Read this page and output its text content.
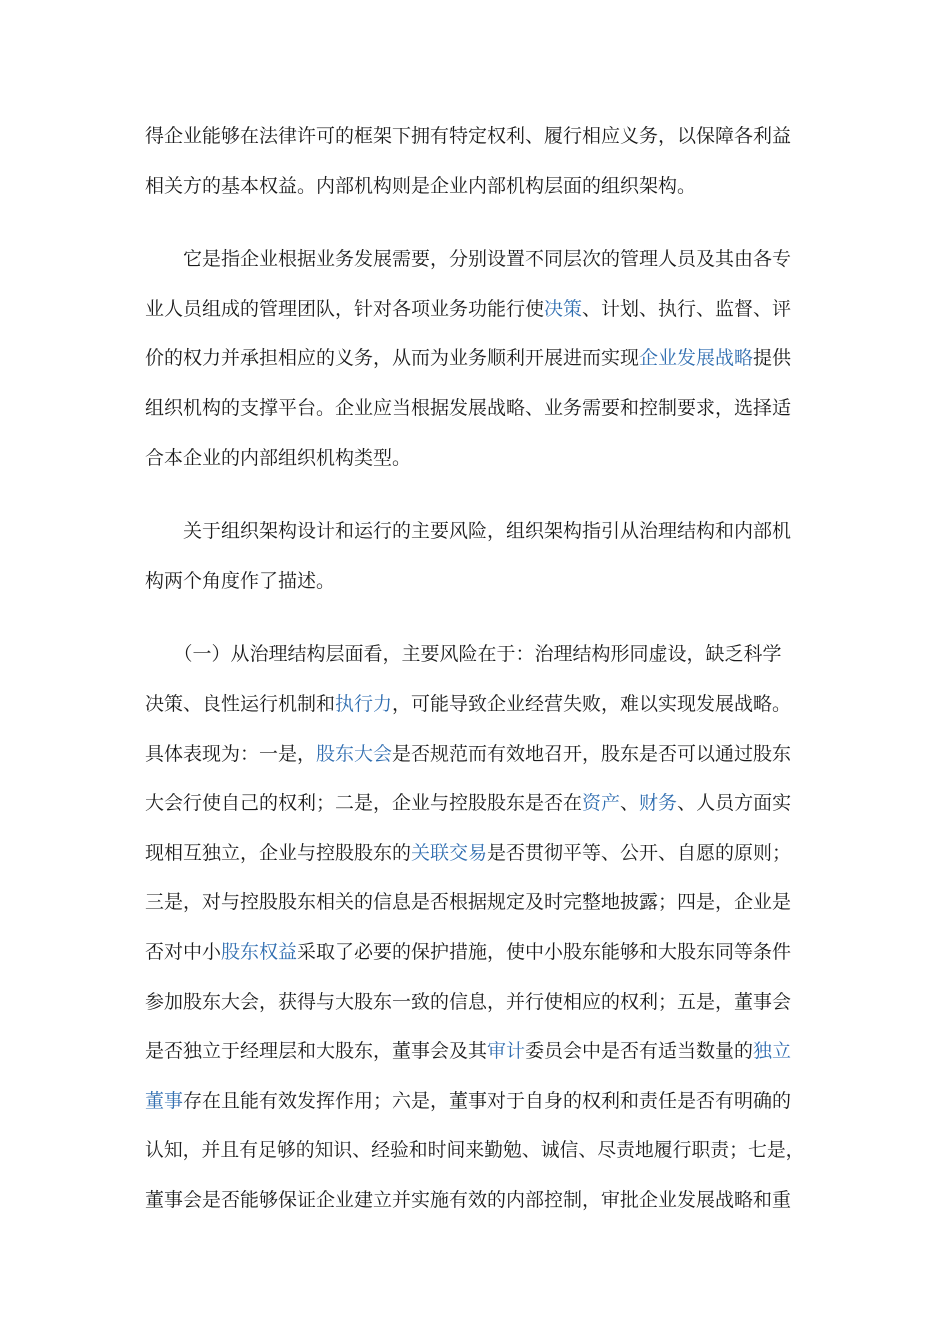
得企业能够在法律许可的框架下拥有特定权利、履行相应义务，以保障各利益
相关方的基本权益。内部机构则是企业内部机构层面的组织架构。
　　它是指企业根据业务发展需要，分别设置不同层次的管理人员及其由各专
业人员组成的管理团队，针对各项业务功能行使决策、计划、执行、监督、评
价的权力并承担相应的义务，从而为业务顺利开展进而实现企业发展战略提供
组织机构的支撑平台。企业应当根据发展战略、业务需要和控制要求，选择适
合本企业的内部组织机构类型。
　　关于组织架构设计和运行的主要风险，组织架构指引从治理结构和内部机
构两个角度作了描述。
　　（一）从治理结构层面看，主要风险在于：治理结构形同虚设，缺乏科学
决策、良性运行机制和执行力，可能导致企业经营失败，难以实现发展战略。
具体表现为：一是，股东大会是否规范而有效地召开，股东是否可以通过股东
大会行使自己的权利；二是，企业与控股股东是否在资产、财务、人员方面实
现相互独立，企业与控股股东的关联交易是否贯彻平等、公开、自愿的原则；
三是，对与控股股东相关的信息是否根据规定及时完整地披露；四是，企业是
否对中小股东权益采取了必要的保护措施，使中小股东能够和大股东同等条件
参加股东大会，获得与大股东一致的信息，并行使相应的权利；五是，董事会
是否独立于经理层和大股东，董事会及其审计委员会中是否有适当数量的独立
董事存在且能有效发挥作用；六是，董事对于自身的权利和责任是否有明确的
认知，并且有足够的知识、经验和时间来勤勉、诚信、尽责地履行职责；七是，
董事会是否能够保证企业建立并实施有效的内部控制，审批企业发展战略和重
